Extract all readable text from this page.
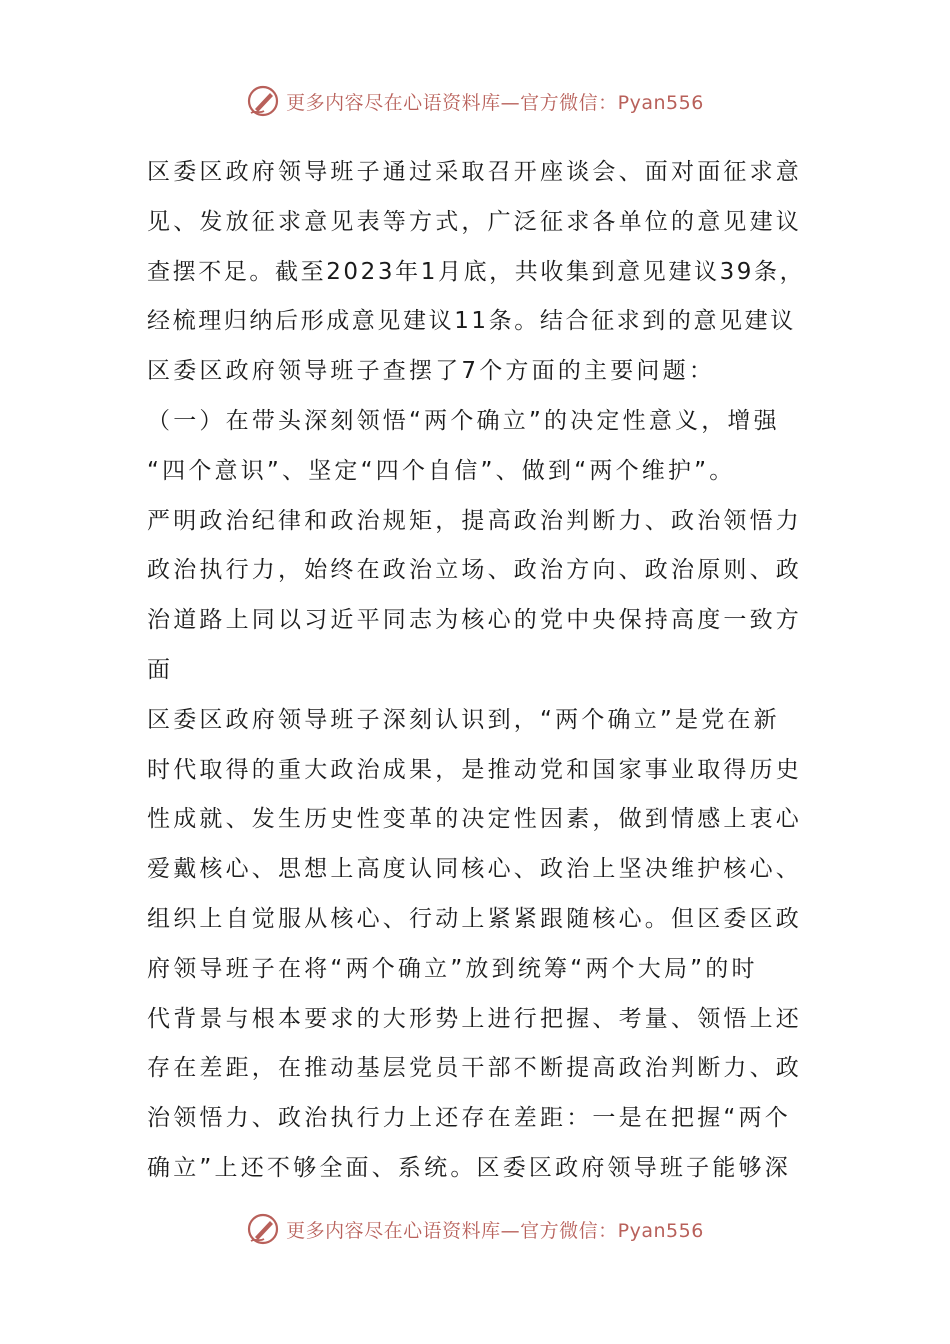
更多内容尽在心语资料库—官方微信：Pyan556
区委区政府领导班子通过采取召开座谈会、面对面征求意
见、发放征求意见表等方式，广泛征求各单位的意见建议
查摆不足。截至2023年1月底，共收集到意见建议39条，
经梳理归纳后形成意见建议11条。结合征求到的意见建议
区委区政府领导班子查摆了7个方面的主要问题：
（一）在带头深刻领悟“两个确立”的决定性意义，增强
“四个意识”、坚定“四个自信”、做到“两个维护”。
严明政治纪律和政治规矩，提高政治判断力、政治领悟力
政治执行力，始终在政治立场、政治方向、政治原则、政
治道路上同以习近平同志为核心的党中央保持高度一致方
面
区委区政府领导班子深刻认识到，“两个确立”是党在新
时代取得的重大政治成果，是推动党和国家事业取得历史
性成就、发生历史性变革的决定性因素，做到情感上衷心
爱戴核心、思想上高度认同核心、政治上坚决维护核心、
组织上自觉服从核心、行动上紧紧跟随核心。但区委区政
府领导班子在将“两个确立”放到统筹“两个大局”的时
代背景与根本要求的大形势上进行把握、考量、领悟上还
存在差距，在推动基层党员干部不断提高政治判断力、政
治领悟力、政治执行力上还存在差距：一是在把握“两个
确立”上还不够全面、系统。区委区政府领导班子能够深
更多内容尽在心语资料库—官方微信：Pyan556
